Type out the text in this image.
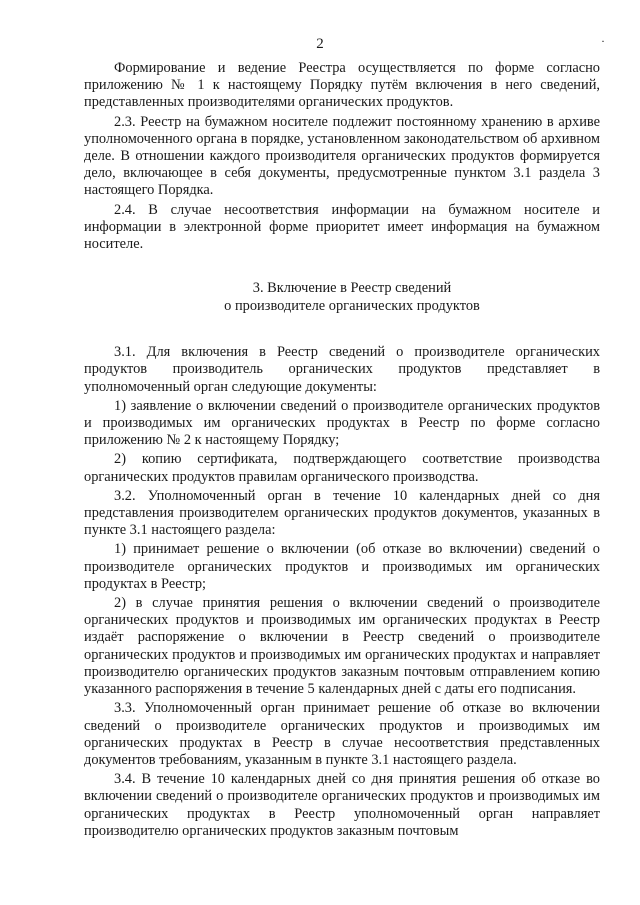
2	·

Формирование и ведение Реестра осуществляется по форме согласно приложению № 1 к настоящему Порядку путём включения в него сведений, представленных производителями органических продуктов.

2.3. Реестр на бумажном носителе подлежит постоянному хранению в архиве уполномоченного органа в порядке, установленном законодательством об архивном деле. В отношении каждого производителя органических продуктов формируется дело, включающее в себя документы, предусмотренные пунктом 3.1 раздела 3 настоящего Порядка.

2.4. В случае несоответствия информации на бумажном носителе и информации в электронной форме приоритет имеет информация на бумажном носителе.

3. Включение в Реестр сведений
о производителе органических продуктов

3.1. Для включения в Реестр сведений о производителе органических продуктов производитель органических продуктов представляет в уполномоченный орган следующие документы:

1) заявление о включении сведений о производителе органических продуктов и производимых им органических продуктах в Реестр по форме согласно приложению № 2 к настоящему Порядку;

2) копию сертификата, подтверждающего соответствие производства органических продуктов правилам органического производства.

3.2. Уполномоченный орган в течение 10 календарных дней со дня представления производителем органических продуктов документов, указанных в пункте 3.1 настоящего раздела:

1) принимает решение о включении (об отказе во включении) сведений о производителе органических продуктов и производимых им органических продуктах в Реестр;

2) в случае принятия решения о включении сведений о производителе органических продуктов и производимых им органических продуктах в Реестр издаёт распоряжение о включении в Реестр сведений о производителе органических продуктов и производимых им органических продуктах и направляет производителю органических продуктов заказным почтовым отправлением копию указанного распоряжения в течение 5 календарных дней с даты его подписания.

3.3. Уполномоченный орган принимает решение об отказе во включении сведений о производителе органических продуктов и производимых им органических продуктах в Реестр в случае несоответствия представленных документов требованиям, указанным в пункте 3.1 настоящего раздела.

3.4. В течение 10 календарных дней со дня принятия решения об отказе во включении сведений о производителе органических продуктов и производимых им органических продуктах в Реестр уполномоченный орган направляет производителю органических продуктов заказным почтовым
